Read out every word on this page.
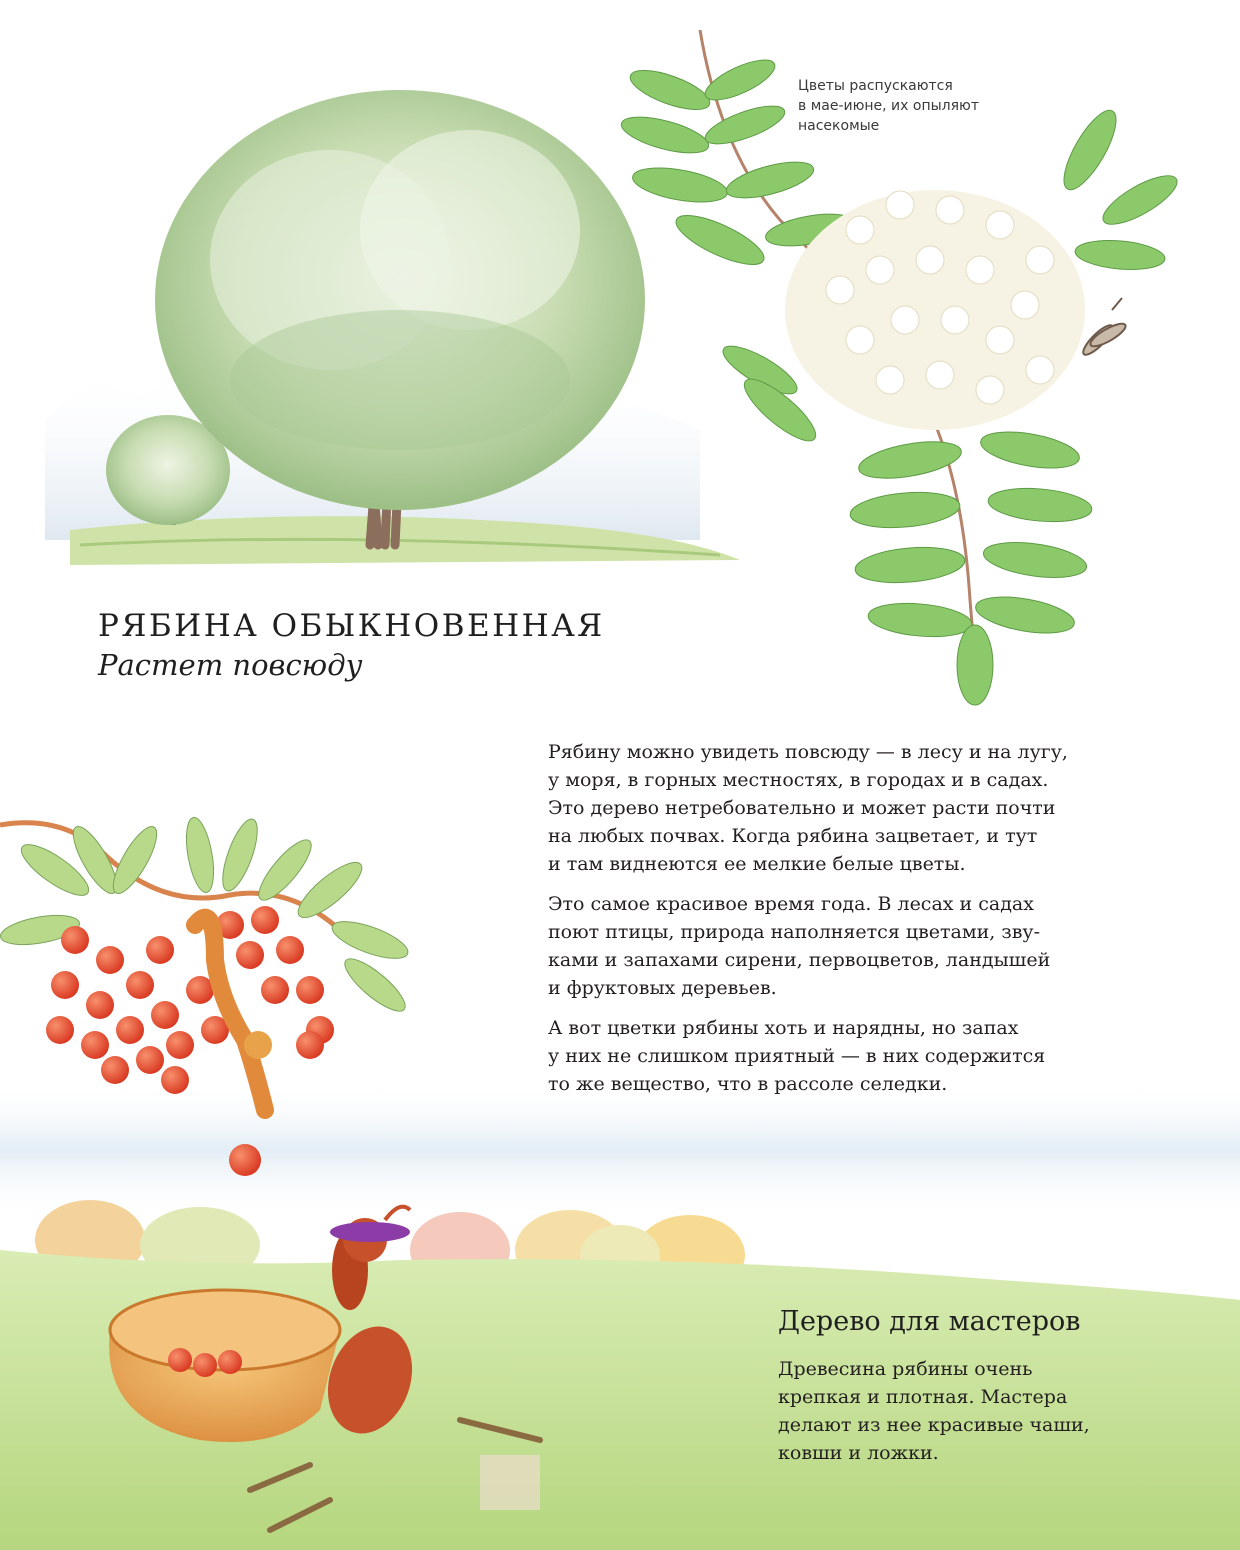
Цветы распускаются
в мае-июне, их опыляют
насекомые
РЯБИНА ОБЫКНОВЕННАЯ
Растет повсюду
Рябину можно увидеть повсюду — в лесу и на лугу,
у моря, в горных местностях, в городах и в садах.
Это дерево нетребовательно и может расти почти
на любых почвах. Когда рябина зацветает, и тут
и там виднеются ее мелкие белые цветы.
Это самое красивое время года. В лесах и садах
поют птицы, природа наполняется цветами, зву-
ками и запахами сирени, первоцветов, ландышей
и фруктовых деревьев.
А вот цветки рябины хоть и нарядны, но запах
у них не слишком приятный — в них содержится
то же вещество, что в рассоле селедки.
Дерево для мастеров
Древесина рябины очень
крепкая и плотная. Мастера
делают из нее красивые чаши,
ковши и ложки.
